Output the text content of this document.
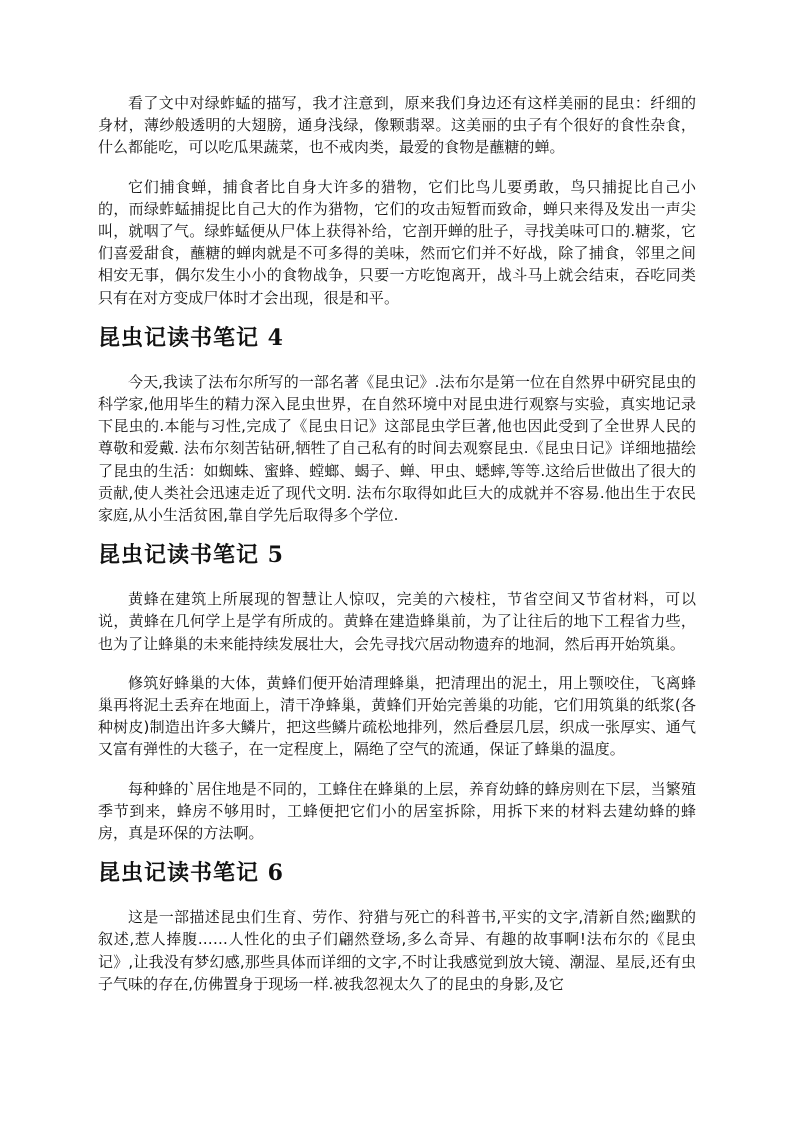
看了文中对绿蚱蜢的描写，我才注意到，原来我们身边还有这样美丽的昆虫：纤细的身材，薄纱般透明的大翅膀，通身浅绿，像颗翡翠。这美丽的虫子有个很好的食性杂食，什么都能吃，可以吃瓜果蔬菜，也不戒肉类，最爱的食物是蘸糖的蝉。

它们捕食蝉，捕食者比自身大许多的猎物，它们比鸟儿要勇敢，鸟只捕捉比自己小的，而绿蚱蜢捕捉比自己大的作为猎物，它们的攻击短暂而致命，蝉只来得及发出一声尖叫，就咽了气。绿蚱蜢便从尸体上获得补给，它剖开蝉的肚子，寻找美味可口的.糖浆，它们喜爱甜食，蘸糖的蝉肉就是不可多得的美味，然而它们并不好战，除了捕食，邻里之间相安无事，偶尔发生小小的食物战争，只要一方吃饱离开，战斗马上就会结束，吞吃同类只有在对方变成尸体时才会出现，很是和平。

昆虫记读书笔记 4

今天,我读了法布尔所写的一部名著《昆虫记》.法布尔是第一位在自然界中研究昆虫的科学家,他用毕生的精力深入昆虫世界，在自然环境中对昆虫进行观察与实验，真实地记录下昆虫的.本能与习性,完成了《昆虫日记》这部昆虫学巨著,他也因此受到了全世界人民的尊敬和爱戴. 法布尔刻苦钻研,牺牲了自己私有的时间去观察昆虫.《昆虫日记》详细地描绘了昆虫的生活：如蜘蛛、蜜蜂、螳螂、蝎子、蝉、甲虫、蟋蟀,等等.这给后世做出了很大的贡献,使人类社会迅速走近了现代文明. 法布尔取得如此巨大的成就并不容易.他出生于农民家庭,从小生活贫困,靠自学先后取得多个学位.

昆虫记读书笔记 5

黄蜂在建筑上所展现的智慧让人惊叹，完美的六棱柱，节省空间又节省材料，可以说，黄蜂在几何学上是学有所成的。黄蜂在建造蜂巢前，为了让往后的地下工程省力些，也为了让蜂巢的未来能持续发展壮大，会先寻找穴居动物遗弃的地洞，然后再开始筑巢。

修筑好蜂巢的大体，黄蜂们便开始清理蜂巢，把清理出的泥土，用上颚咬住，飞离蜂巢再将泥土丢弃在地面上，清干净蜂巢，黄蜂们开始完善巢的功能，它们用筑巢的纸浆(各种树皮)制造出许多大鳞片，把这些鳞片疏松地排列，然后叠层几层，织成一张厚实、通气又富有弹性的大毯子，在一定程度上，隔绝了空气的流通，保证了蜂巢的温度。

每种蜂的`居住地是不同的，工蜂住在蜂巢的上层，养育幼蜂的蜂房则在下层，当繁殖季节到来，蜂房不够用时，工蜂便把它们小的居室拆除，用拆下来的材料去建幼蜂的蜂房，真是环保的方法啊。

昆虫记读书笔记 6

这是一部描述昆虫们生育、劳作、狩猎与死亡的科普书,平实的文字,清新自然;幽默的叙述,惹人捧腹……人性化的虫子们翩然登场,多么奇异、有趣的故事啊!法布尔的《昆虫记》,让我没有梦幻感,那些具体而详细的文字,不时让我感觉到放大镜、潮湿、星辰,还有虫子气味的存在,仿佛置身于现场一样.被我忽视太久了的昆虫的身影,及它
